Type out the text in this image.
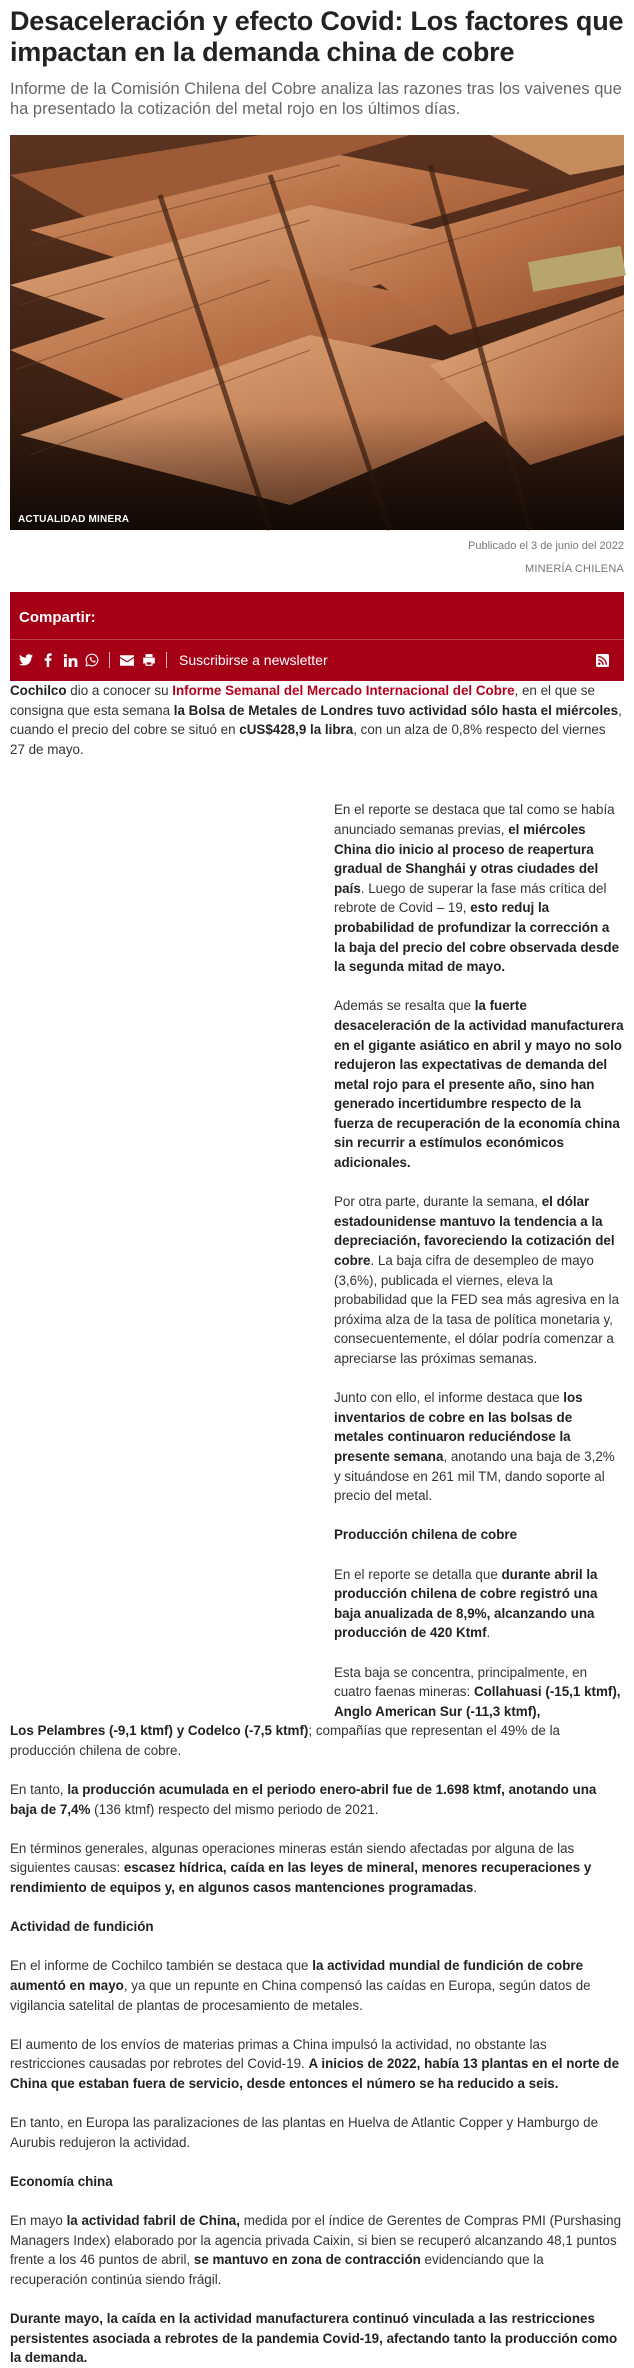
Desaceleración y efecto Covid: Los factores que impactan en la demanda china de cobre

Informe de la Comisión Chilena del Cobre analiza las razones tras los vaivenes que ha presentado la cotización del metal rojo en los últimos días.

ACTUALIDAD MINERA
Publicado el 3 de junio del 2022
MINERÍA CHILENA
Compartir:
Suscribirse a newsletter

Cochilco dio a conocer su Informe Semanal del Mercado Internacional del Cobre, en el que se consigna que esta semana la Bolsa de Metales de Londres tuvo actividad sólo hasta el miércoles, cuando el precio del cobre se situó en cUS$428,9 la libra, con un alza de 0,8% respecto del viernes 27 de mayo.

En el reporte se destaca que tal como se había anunciado semanas previas, el miércoles China dio inicio al proceso de reapertura gradual de Shanghái y otras ciudades del país. Luego de superar la fase más crítica del rebrote de Covid – 19, esto reduj la probabilidad de profundizar la corrección a la baja del precio del cobre observada desde la segunda mitad de mayo.

Además se resalta que la fuerte desaceleración de la actividad manufacturera en el gigante asiático en abril y mayo no solo redujeron las expectativas de demanda del metal rojo para el presente año, sino han generado incertidumbre respecto de la fuerza de recuperación de la economía china sin recurrir a estímulos económicos adicionales.

Por otra parte, durante la semana, el dólar estadounidense mantuvo la tendencia a la depreciación, favoreciendo la cotización del cobre. La baja cifra de desempleo de mayo (3,6%), publicada el viernes, eleva la probabilidad que la FED sea más agresiva en la próxima alza de la tasa de política monetaria y, consecuentemente, el dólar podría comenzar a apreciarse las próximas semanas.

Junto con ello, el informe destaca que los inventarios de cobre en las bolsas de metales continuaron reduciéndose la presente semana, anotando una baja de 3,2% y situándose en 261 mil TM, dando soporte al precio del metal.

Producción chilena de cobre

En el reporte se detalla que durante abril la producción chilena de cobre registró una baja anualizada de 8,9%, alcanzando una producción de 420 Ktmf.

Esta baja se concentra, principalmente, en cuatro faenas mineras: Collahuasi (-15,1 ktmf), Anglo American Sur (-11,3 ktmf),

Los Pelambres (-9,1 ktmf) y Codelco (-7,5 ktmf); compañías que representan el 49% de la producción chilena de cobre.

En tanto, la producción acumulada en el periodo enero-abril fue de 1.698 ktmf, anotando una baja de 7,4% (136 ktmf) respecto del mismo periodo de 2021.

En términos generales, algunas operaciones mineras están siendo afectadas por alguna de las siguientes causas: escasez hídrica, caída en las leyes de mineral, menores recuperaciones y rendimiento de equipos y, en algunos casos mantenciones programadas.

Actividad de fundición

En el informe de Cochilco también se destaca que la actividad mundial de fundición de cobre aumentó en mayo, ya que un repunte en China compensó las caídas en Europa, según datos de vigilancia satelital de plantas de procesamiento de metales.

El aumento de los envíos de materias primas a China impulsó la actividad, no obstante las restricciones causadas por rebrotes del Covid-19. A inicios de 2022, había 13 plantas en el norte de China que estaban fuera de servicio, desde entonces el número se ha reducido a seis.

En tanto, en Europa las paralizaciones de las plantas en Huelva de Atlantic Copper y Hamburgo de Aurubis redujeron la actividad.

Economía china

En mayo la actividad fabril de China, medida por el índice de Gerentes de Compras PMI (Purshasing Managers Index) elaborado por la agencia privada Caixin, si bien se recuperó alcanzando 48,1 puntos frente a los 46 puntos de abril, se mantuvo en zona de contracción evidenciando que la recuperación continúa siendo frágil.

Durante mayo, la caída en la actividad manufacturera continuó vinculada a las restricciones persistentes asociada a rebrotes de la pandemia Covid-19, afectando tanto la producción como la demanda.
